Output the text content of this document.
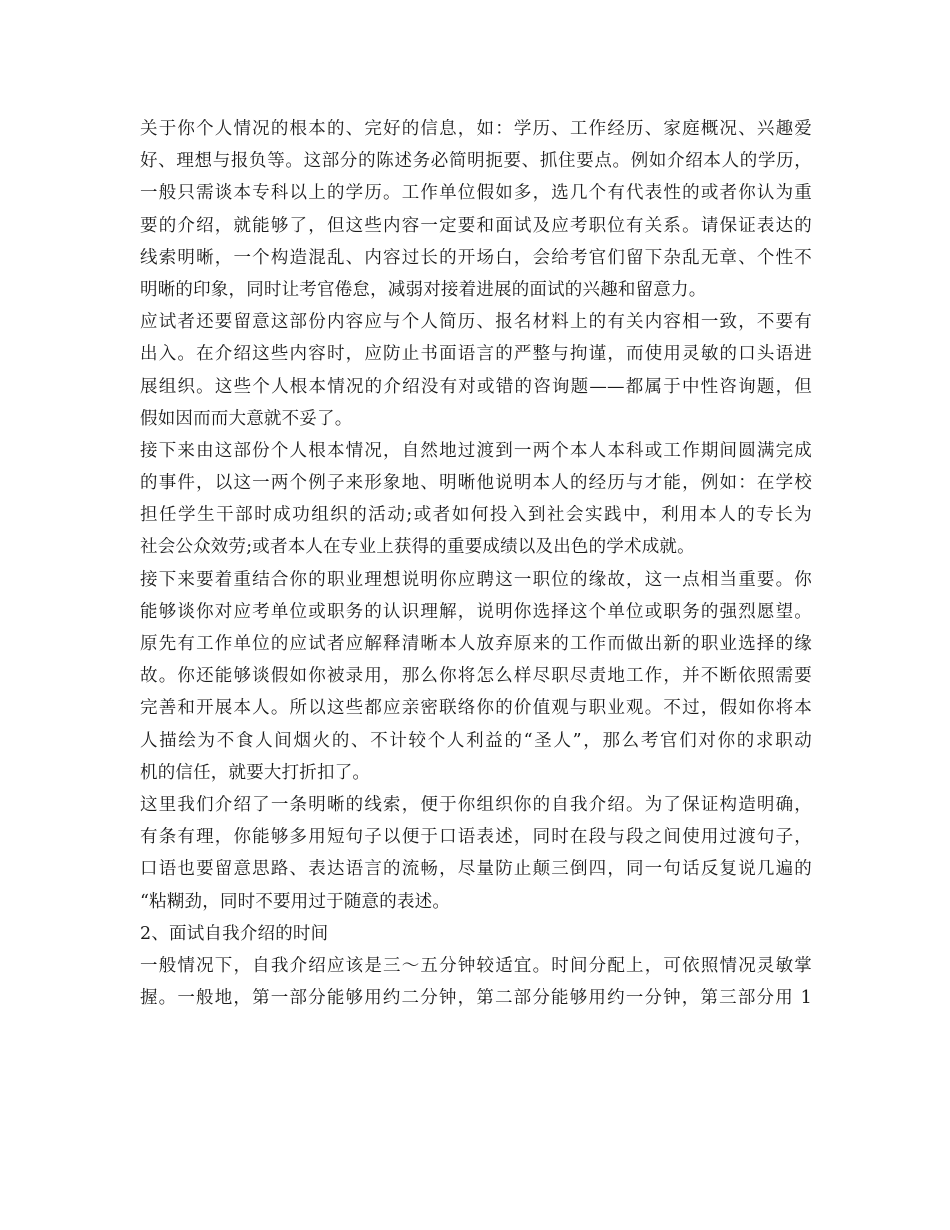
关于你个人情况的根本的、完好的信息，如：学历、工作经历、家庭概况、兴趣爱
好、理想与报负等。这部分的陈述务必简明扼要、抓住要点。例如介绍本人的学历，
一般只需谈本专科以上的学历。工作单位假如多，选几个有代表性的或者你认为重
要的介绍，就能够了，但这些内容一定要和面试及应考职位有关系。请保证表达的
线索明晰，一个构造混乱、内容过长的开场白，会给考官们留下杂乱无章、个性不
明晰的印象，同时让考官倦怠，减弱对接着进展的面试的兴趣和留意力。
应试者还要留意这部份内容应与个人简历、报名材料上的有关内容相一致，不要有
出入。在介绍这些内容时，应防止书面语言的严整与拘谨，而使用灵敏的口头语进
展组织。这些个人根本情况的介绍没有对或错的咨询题——都属于中性咨询题，但
假如因而而大意就不妥了。
接下来由这部份个人根本情况，自然地过渡到一两个本人本科或工作期间圆满完成
的事件，以这一两个例子来形象地、明晰他说明本人的经历与才能，例如：在学校
担任学生干部时成功组织的活动;或者如何投入到社会实践中，利用本人的专长为
社会公众效劳;或者本人在专业上获得的重要成绩以及出色的学术成就。
接下来要着重结合你的职业理想说明你应聘这一职位的缘故，这一点相当重要。你
能够谈你对应考单位或职务的认识理解，说明你选择这个单位或职务的强烈愿望。
原先有工作单位的应试者应解释清晰本人放弃原来的工作而做出新的职业选择的缘
故。你还能够谈假如你被录用，那么你将怎么样尽职尽责地工作，并不断依照需要
完善和开展本人。所以这些都应亲密联络你的价值观与职业观。不过，假如你将本
人描绘为不食人间烟火的、不计较个人利益的“圣人”，那么考官们对你的求职动
机的信任，就要大打折扣了。
这里我们介绍了一条明晰的线索，便于你组织你的自我介绍。为了保证构造明确，
有条有理，你能够多用短句子以便于口语表述，同时在段与段之间使用过渡句子，
口语也要留意思路、表达语言的流畅，尽量防止颠三倒四，同一句话反复说几遍的
“粘糊劲，同时不要用过于随意的表述。
2、面试自我介绍的时间
一般情况下，自我介绍应该是三～五分钟较适宜。时间分配上，可依照情况灵敏掌
握。一般地，第一部分能够用约二分钟，第二部分能够用约一分钟，第三部分用 1
